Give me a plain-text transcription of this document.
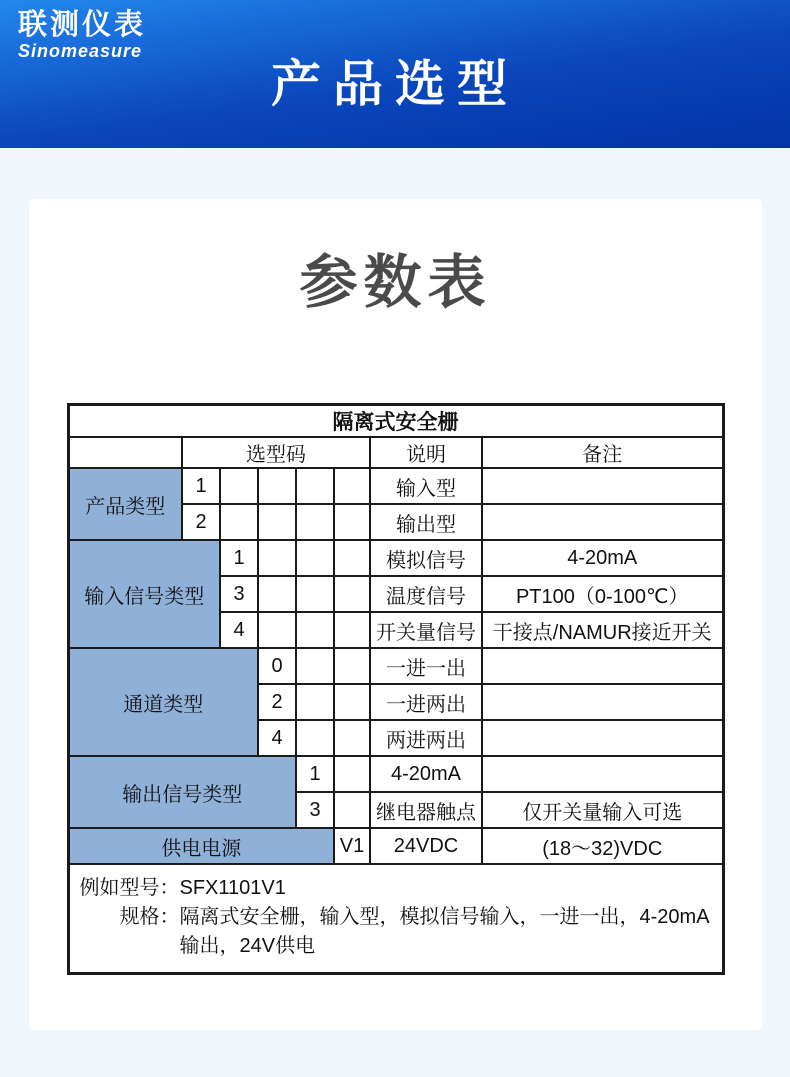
联测仪表
Sinomeasure
产品选型
参数表
隔离式安全栅							
	选型码					说明	备注
产品类型	1					输入型	
	2					输出型	
输入信号类型		1				模拟信号	4-20mA
		3				温度信号	PT100（0-100℃）
		4				开关量信号	干接点/NAMUR接近开关
通道类型			0			一进一出	
			2			一进两出	
			4			两进两出	
输出信号类型				1		4-20mA	
				3		继电器触点	仅开关量输入可选
供电电源					V1	24VDC	(18～32)VDC

例如型号： SFX1101V1
规格： 隔离式安全栅，输入型，模拟信号输入，一进一出，4-20mA输出，24V供电							
